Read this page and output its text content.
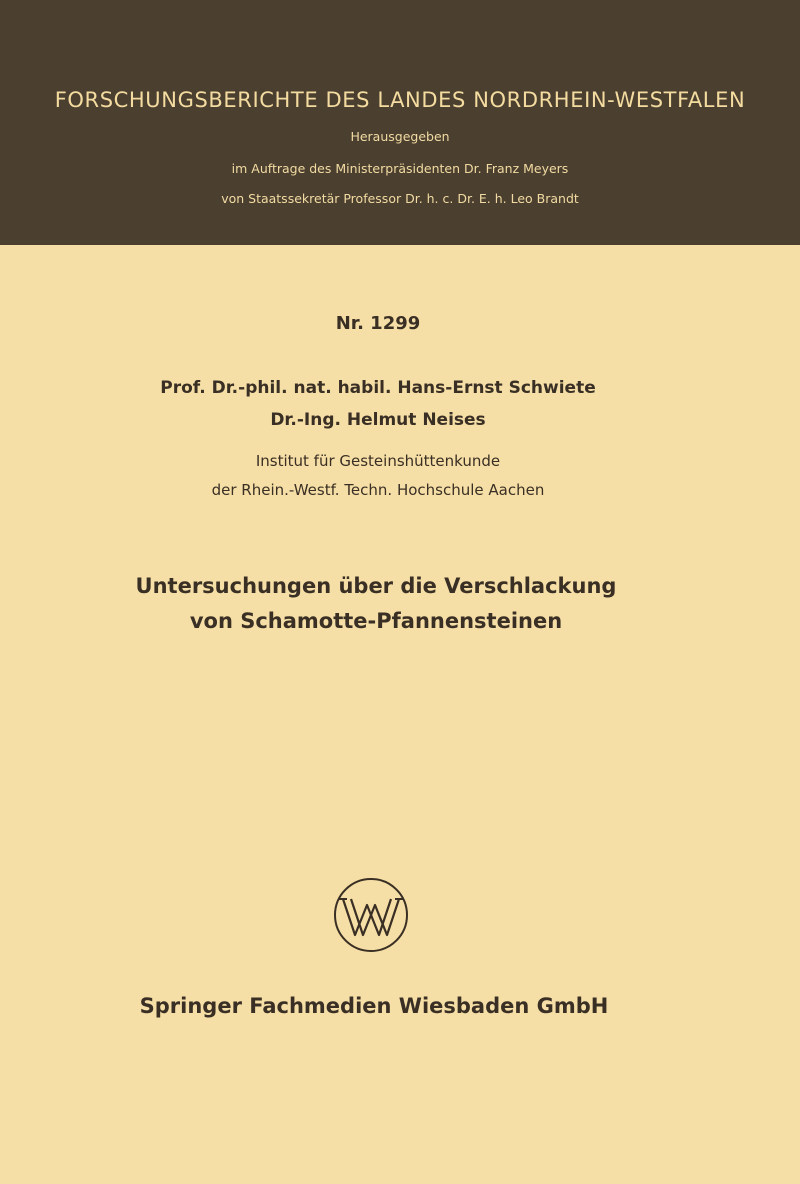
FORSCHUNGSBERICHTE DES LANDES NORDRHEIN-WESTFALEN
Herausgegeben
im Auftrage des Ministerpräsidenten Dr. Franz Meyers
von Staatssekretär Professor Dr. h. c. Dr. E. h. Leo Brandt
Nr. 1299
Prof. Dr.-phil. nat. habil. Hans-Ernst Schwiete
Dr.-Ing. Helmut Neises
Institut für Gesteinshüttenkunde
der Rhein.-Westf. Techn. Hochschule Aachen
Untersuchungen über die Verschlackung
von Schamotte-Pfannensteinen
Springer Fachmedien Wiesbaden GmbH
